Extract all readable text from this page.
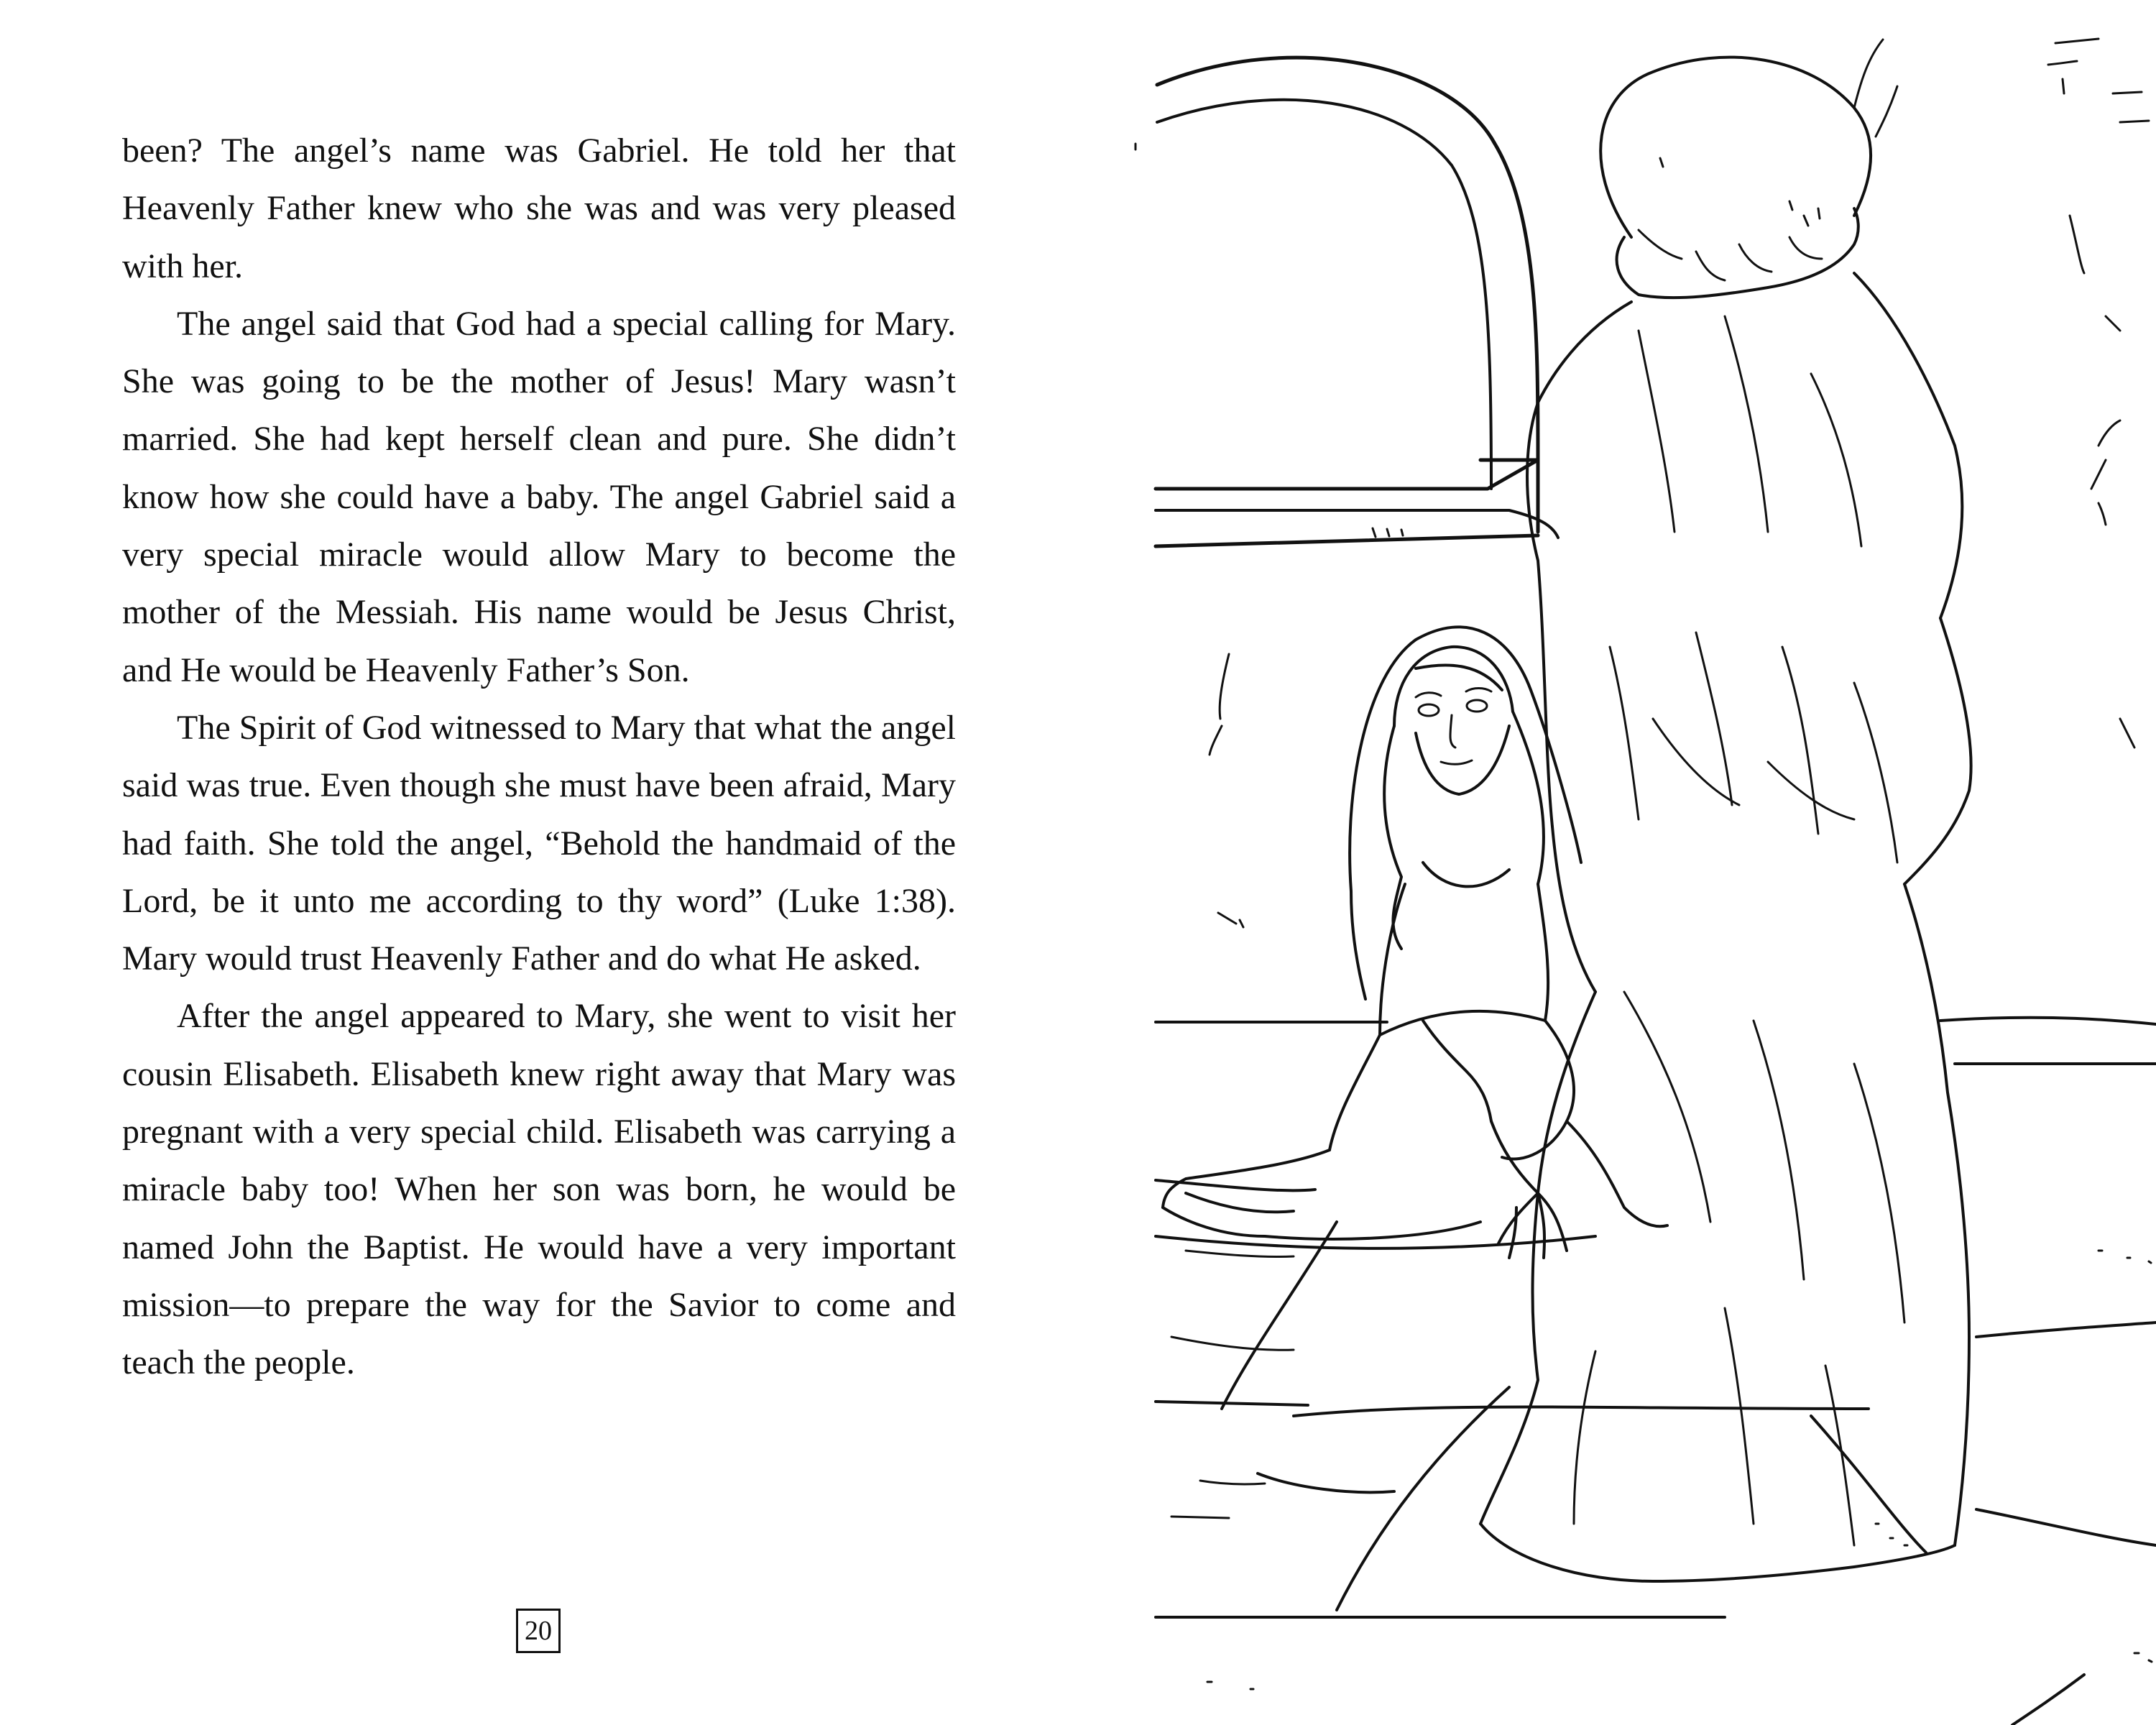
been? The angel’s name was Gabriel. He told her that Heavenly Father knew who she was and was very pleased with her.

The angel said that God had a special calling for Mary. She was going to be the mother of Jesus! Mary wasn’t married. She had kept herself clean and pure. She didn’t know how she could have a baby. The angel Gabriel said a very special miracle would allow Mary to become the mother of the Messiah. His name would be Jesus Christ, and He would be Heavenly Father’s Son.

The Spirit of God witnessed to Mary that what the angel said was true. Even though she must have been afraid, Mary had faith. She told the angel, “Behold the handmaid of the Lord, be it unto me according to thy word” (Luke 1:38). Mary would trust Heavenly Father and do what He asked.

After the angel appeared to Mary, she went to visit her cousin Elisabeth. Elisabeth knew right away that Mary was pregnant with a very special child. Elisabeth was carrying a miracle baby too! When her son was born, he would be named John the Baptist. He would have a very important mission—to prepare the way for the Savior to come and teach the people.

20
